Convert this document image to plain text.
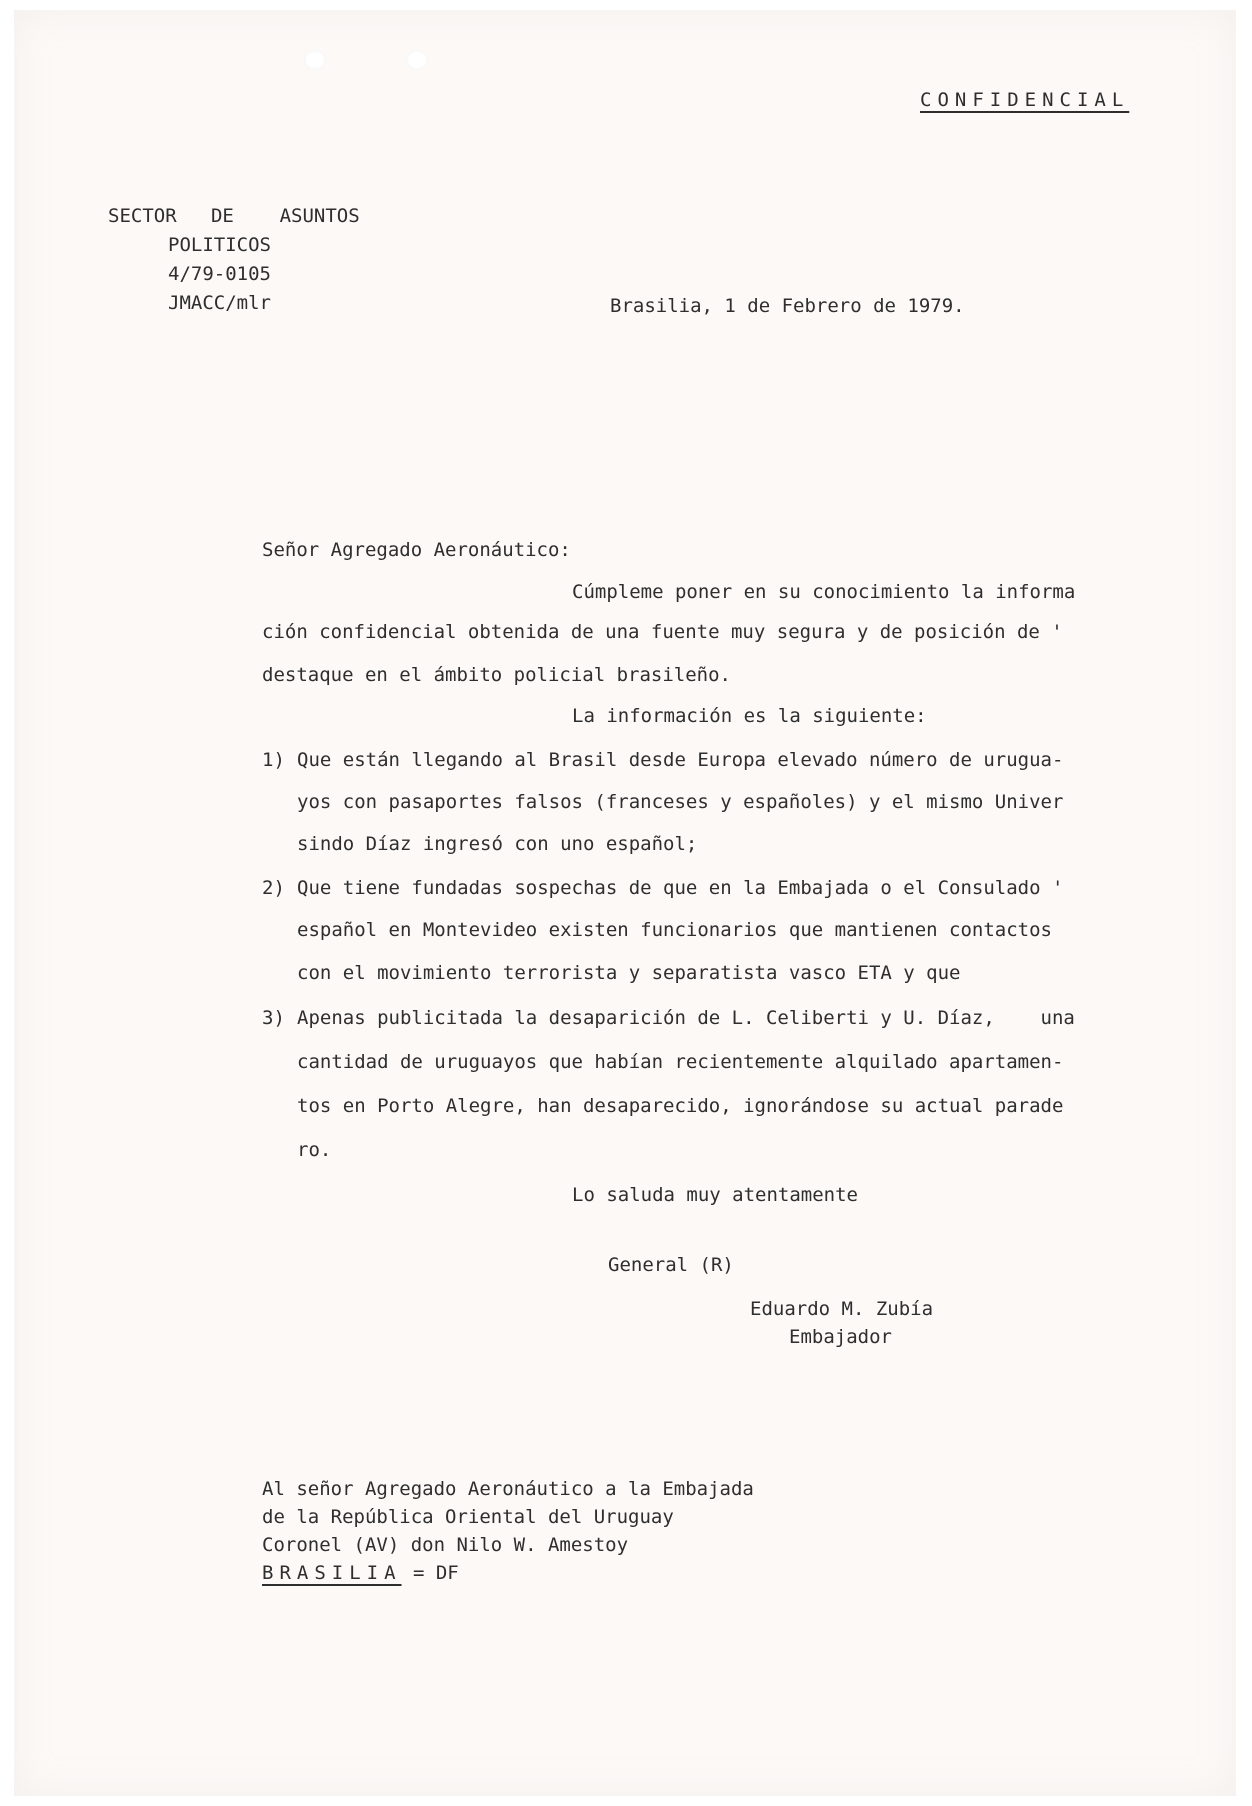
CONFIDENCIAL

SECTOR   DE    ASUNTOS

POLITICOS

4/79-0105

JMACC/mlr	Brasilia, 1 de Febrero de 1979.

Señor Agregado Aeronáutico:

Cúmpleme poner en su conocimiento la informa

ción confidencial obtenida de una fuente muy segura y de posición de '

destaque en el ámbito policial brasileño.

La información es la siguiente:

1) Que están llegando al Brasil desde Europa elevado número de urugua-

yos con pasaportes falsos (franceses y españoles) y el mismo Univer

sindo Díaz ingresó con uno español;

2) Que tiene fundadas sospechas de que en la Embajada o el Consulado '

español en Montevideo existen funcionarios que mantienen contactos

con el movimiento terrorista y separatista vasco ETA y que

3) Apenas publicitada la desaparición de L. Celiberti y U. Díaz,    una

cantidad de uruguayos que habían recientemente alquilado apartamen-

tos en Porto Alegre, han desaparecido, ignorándose su actual parade

ro.

Lo saluda muy atentamente

General (R)

Eduardo M. Zubía

Embajador

Al señor Agregado Aeronáutico a la Embajada

de la República Oriental del Uruguay

Coronel (AV) don Nilo W. Amestoy

BRASILIA = DF
